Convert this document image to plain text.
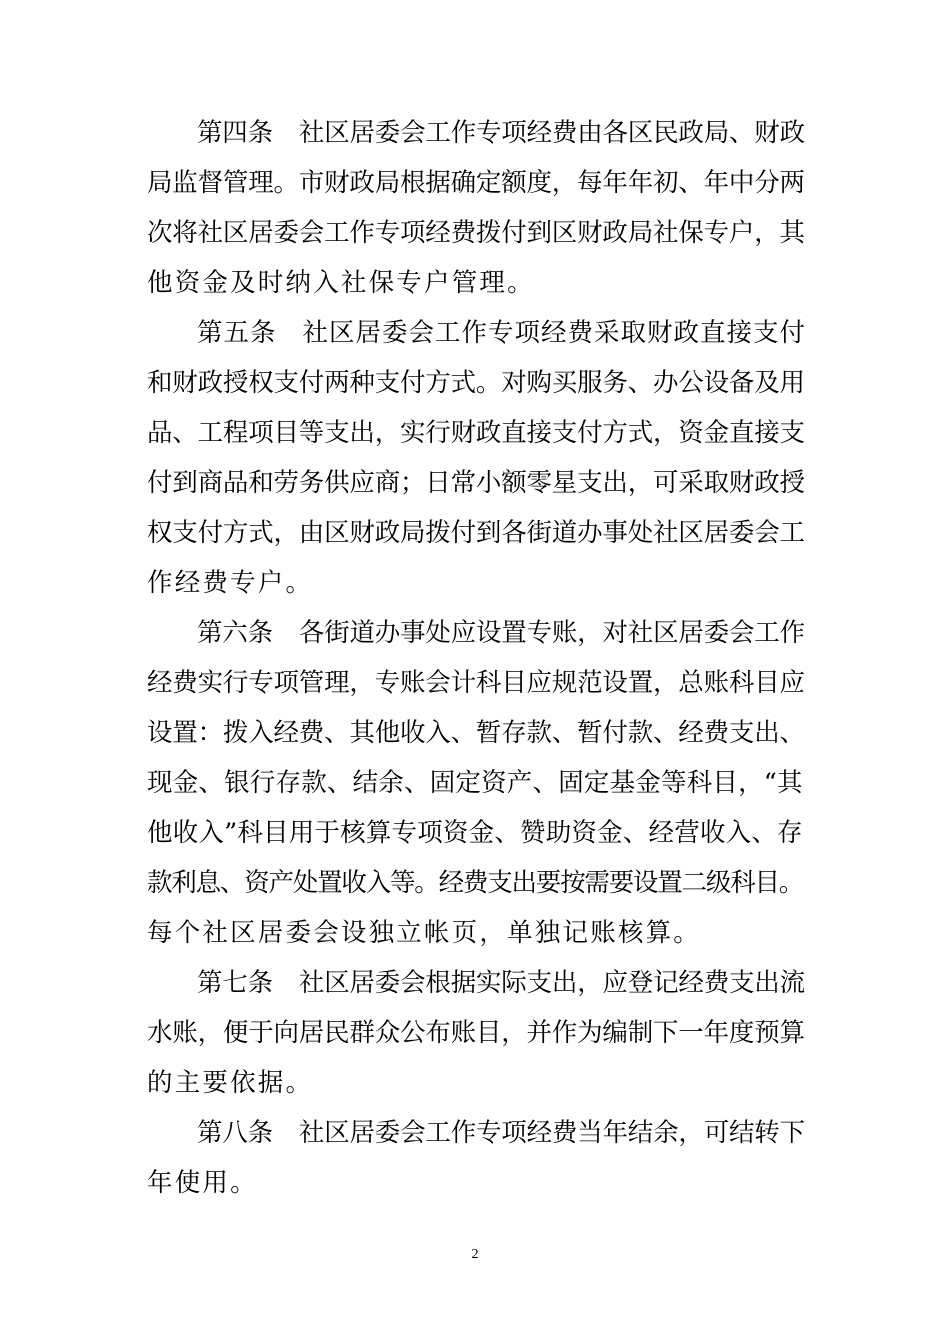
第四条 社区居委会工作专项经费由各区民政局、财政
局监督管理。市财政局根据确定额度，每年年初、年中分两
次将社区居委会工作专项经费拨付到区财政局社保专户，其
他资金及时纳入社保专户管理。
第五条 社区居委会工作专项经费采取财政直接支付
和财政授权支付两种支付方式。对购买服务、办公设备及用
品、工程项目等支出，实行财政直接支付方式，资金直接支
付到商品和劳务供应商；日常小额零星支出，可采取财政授
权支付方式，由区财政局拨付到各街道办事处社区居委会工
作经费专户。
第六条 各街道办事处应设置专账，对社区居委会工作
经费实行专项管理，专账会计科目应规范设置，总账科目应
设置：拨入经费、其他收入、暂存款、暂付款、经费支出、
现金、银行存款、结余、固定资产、固定基金等科目，“其
他收入”科目用于核算专项资金、赞助资金、经营收入、存
款利息、资产处置收入等。经费支出要按需要设置二级科目。
每个社区居委会设独立帐页，单独记账核算。
第七条 社区居委会根据实际支出，应登记经费支出流
水账，便于向居民群众公布账目，并作为编制下一年度预算
的主要依据。
第八条 社区居委会工作专项经费当年结余，可结转下
年使用。
2
